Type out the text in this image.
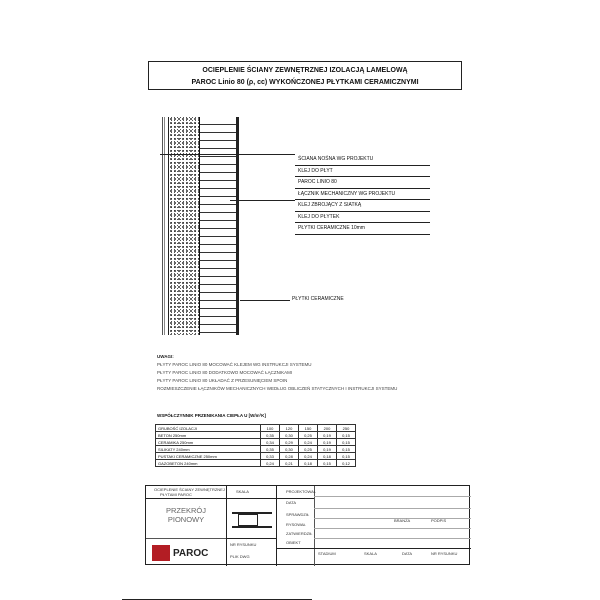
OCIEPLENIE ŚCIANY ZEWNĘTRZNEJ IZOLACJĄ LAMELOWĄ
PAROC Linio 80 (ρ, cc) WYKOŃCZONEJ PŁYTKAMI CERAMICZNYMI
ŚCIANA NOŚNA WG PROJEKTU
KLEJ DO PŁYT
PAROC LINIO 80
ŁĄCZNIK MECHANICZNY WG PROJEKTU
KLEJ ZBROJĄCY Z SIATKĄ
KLEJ DO PŁYTEK
PŁYTKI CERAMICZNE 10mm
PŁYTKI CERAMICZNE
UWAGI:
PŁYTY PAROC LINIO 80 MOCOWAĆ KLEJEM WG INSTRUKCJI SYSTEMU
PŁYTY PAROC LINIO 80 DODATKOWO MOCOWAĆ ŁĄCZNIKAMI
PŁYTY PAROC LINIO 80 UKŁADAĆ Z PRZESUNIĘCIEM SPOIN
ROZMIESZCZENIE ŁĄCZNIKÓW MECHANICZNYCH WEDŁUG OBLICZEŃ STATYCZNYCH I INSTRUKCJI SYSTEMU
WSPÓŁCZYNNIK PRZENIKANIA CIEPŁA U [W/m²K]
GRUBOŚĆ IZOLACJI	100	120	150	200	250
BETON 250mm	0,35	0,30	0,25	0,19	0,15
CERAMIKA 250mm	0,34	0,29	0,24	0,19	0,15
SILIKATY 240mm	0,35	0,30	0,25	0,19	0,15
PUSTAKI CERAMICZNE 250mm	0,33	0,28	0,24	0,18	0,15
GAZOBETON 240mm	0,24	0,21	0,18	0,15	0,12
OCIEPLENIE ŚCIANY ZEWNĘTRZNEJ
PŁYTAMI PAROC
SKALA
PRZEKRÓJ PIONOWY
PAROC
NR RYSUNKU
PLIK DWG
PROJEKTOWAŁ
DATA
SPRAWDZIŁ
RYSOWAŁ
ZATWIERDZIŁ
OBIEKT
BRANŻA	PODPIS
STADIUM	SKALA	DATA	NR RYSUNKU
